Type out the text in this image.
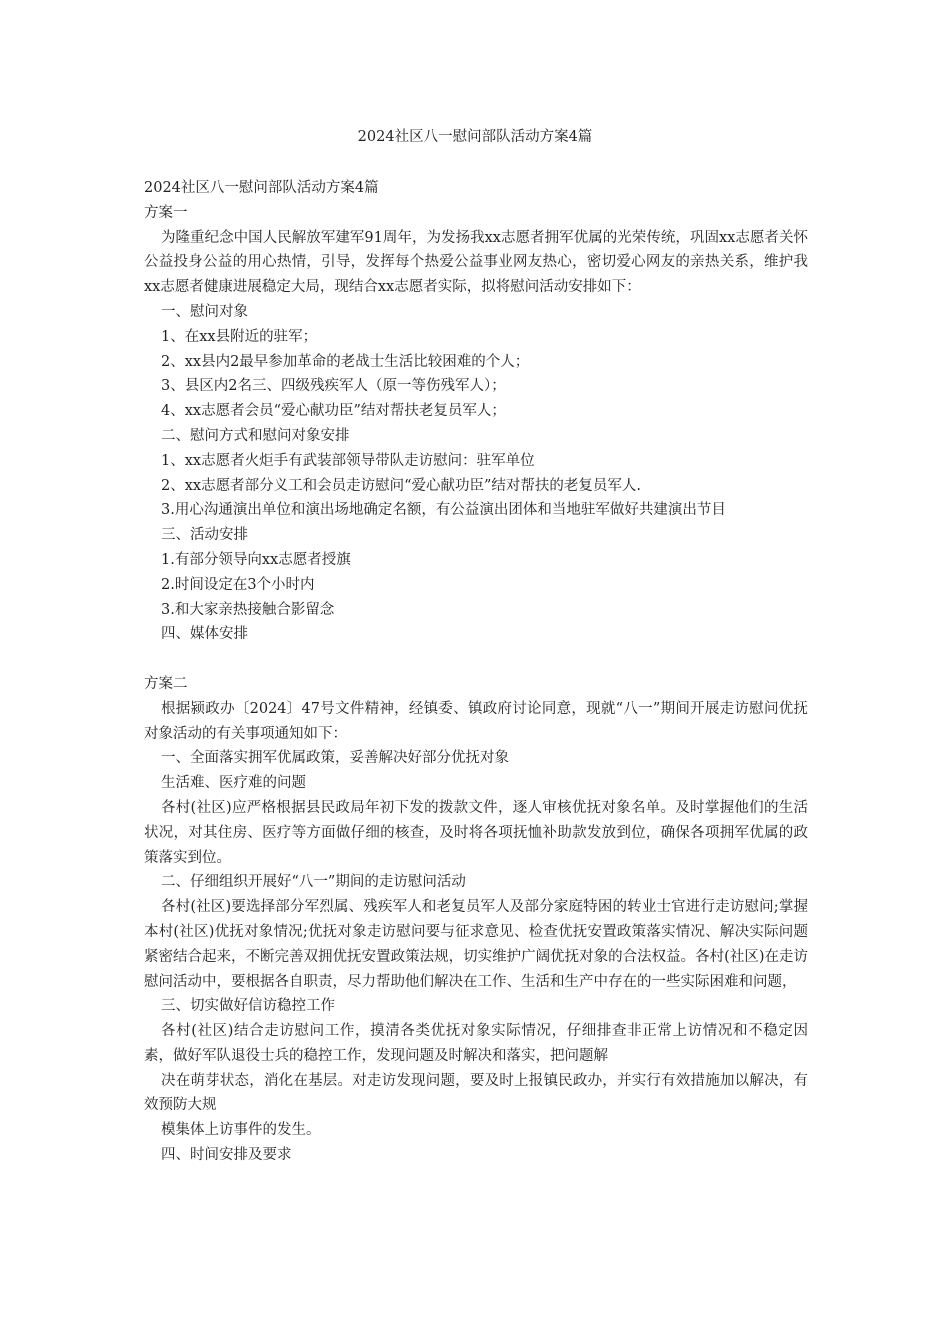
2024社区八一慰问部队活动方案4篇
2024社区八一慰问部队活动方案4篇
方案一

为隆重纪念中国人民解放军建军91周年，为发扬我xx志愿者拥军优属的光荣传统，巩固xx志愿者关怀公益投身公益的用心热情，引导，发挥每个热爱公益事业网友热心，密切爱心网友的亲热关系，维护我xx志愿者健康进展稳定大局，现结合xx志愿者实际，拟将慰问活动安排如下：

一、慰问对象
1、在xx县附近的驻军；
2、xx县内2最早参加革命的老战士生活比较困难的个人；
3、县区内2名三、四级残疾军人（原一等伤残军人）；
4、xx志愿者会员“爱心献功臣”结对帮扶老复员军人；
二、慰问方式和慰问对象安排
1、xx志愿者火炬手有武装部领导带队走访慰问：驻军单位
2、xx志愿者部分义工和会员走访慰问“爱心献功臣”结对帮扶的老复员军人.
3.用心沟通演出单位和演出场地确定名额，有公益演出团体和当地驻军做好共建演出节目
三、活动安排
1.有部分领导向xx志愿者授旗
2.时间设定在3个小时内
3.和大家亲热接触合影留念
四、媒体安排
方案二

根据颍政办〔2024〕47号文件精神，经镇委、镇政府讨论同意，现就“八一”期间开展走访慰问优抚对象活动的有关事项通知如下：

一、全面落实拥军优属政策，妥善解决好部分优抚对象
生活难、医疗难的问题

各村(社区)应严格根据县民政局年初下发的拨款文件，逐人审核优抚对象名单。及时掌握他们的生活状况，对其住房、医疗等方面做仔细的核查，及时将各项抚恤补助款发放到位，确保各项拥军优属的政策落实到位。

二、仔细组织开展好“八一”期间的走访慰问活动

各村(社区)要选择部分军烈属、残疾军人和老复员军人及部分家庭特困的转业士官进行走访慰问;掌握本村(社区)优抚对象情况;优抚对象走访慰问要与征求意见、检查优抚安置政策落实情况、解决实际问题紧密结合起来，不断完善双拥优抚安置政策法规，切实维护广阔优抚对象的合法权益。各村(社区)在走访慰问活动中，要根据各自职责，尽力帮助他们解决在工作、生活和生产中存在的一些实际困难和问题，

三、切实做好信访稳控工作

各村(社区)结合走访慰问工作，摸清各类优抚对象实际情况，仔细排查非正常上访情况和不稳定因素，做好军队退役士兵的稳控工作，发现问题及时解决和落实，把问题解

决在萌芽状态，消化在基层。对走访发现问题，要及时上报镇民政办，并实行有效措施加以解决，有效预防大规

模集体上访事件的发生。

四、时间安排及要求
